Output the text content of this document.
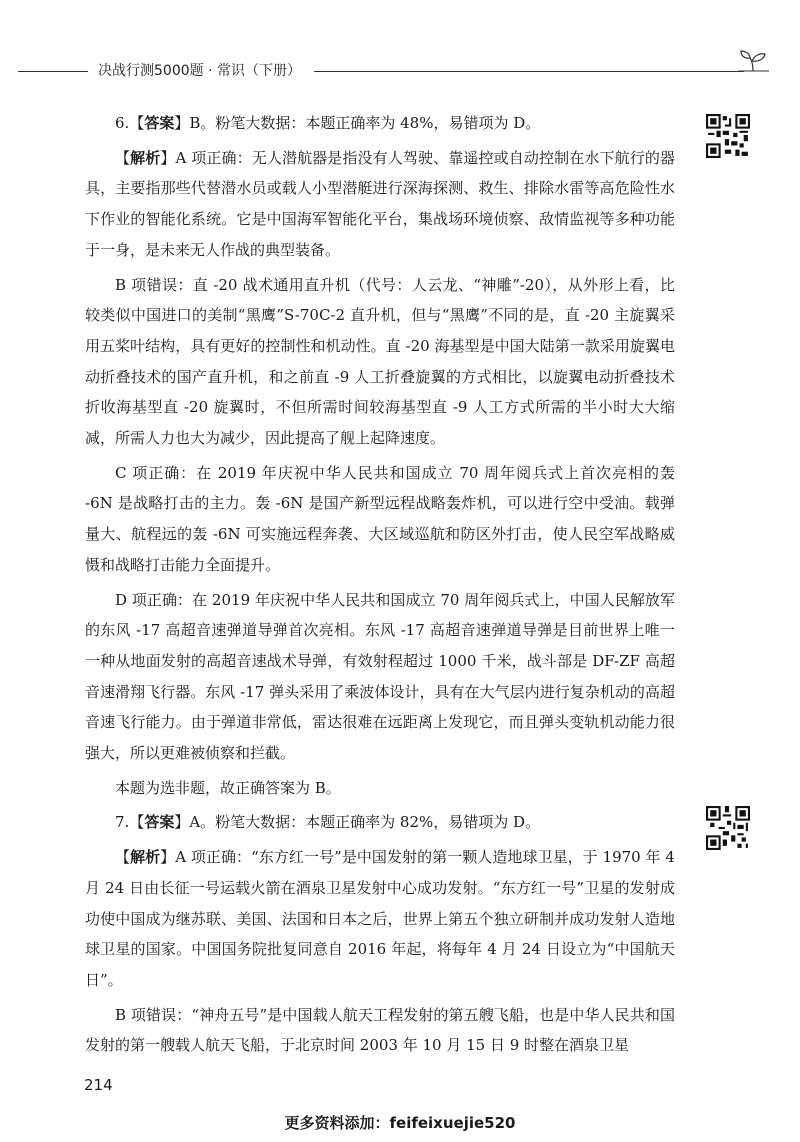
决战行测5000题 · 常识（下册）

6.【答案】B。粉笔大数据：本题正确率为 48%，易错项为 D。

【解析】A 项正确：无人潜航器是指没有人驾驶、靠遥控或自动控制在水下航行的器具，主要指那些代替潜水员或载人小型潜艇进行深海探测、救生、排除水雷等高危险性水下作业的智能化系统。它是中国海军智能化平台，集战场环境侦察、敌情监视等多种功能于一身，是未来无人作战的典型装备。

B 项错误：直 -20 战术通用直升机（代号：人云龙、“神雕”-20），从外形上看，比较类似中国进口的美制“黑鹰”S-70C-2 直升机，但与“黑鹰”不同的是，直 -20 主旋翼采用五桨叶结构，具有更好的控制性和机动性。直 -20 海基型是中国大陆第一款采用旋翼电动折叠技术的国产直升机，和之前直 -9 人工折叠旋翼的方式相比，以旋翼电动折叠技术折收海基型直 -20 旋翼时，不但所需时间较海基型直 -9 人工方式所需的半小时大大缩减，所需人力也大为减少，因此提高了舰上起降速度。

C 项正确：在 2019 年庆祝中华人民共和国成立 70 周年阅兵式上首次亮相的轰 -6N 是战略打击的主力。轰 -6N 是国产新型远程战略轰炸机，可以进行空中受油。载弹量大、航程远的轰 -6N 可实施远程奔袭、大区域巡航和防区外打击，使人民空军战略威慑和战略打击能力全面提升。

D 项正确：在 2019 年庆祝中华人民共和国成立 70 周年阅兵式上，中国人民解放军的东风 -17 高超音速弹道导弹首次亮相。东风 -17 高超音速弹道导弹是目前世界上唯一一种从地面发射的高超音速战术导弹，有效射程超过 1000 千米，战斗部是 DF-ZF 高超音速滑翔飞行器。东风 -17 弹头采用了乘波体设计，具有在大气层内进行复杂机动的高超音速飞行能力。由于弹道非常低，雷达很难在远距离上发现它，而且弹头变轨机动能力很强大，所以更难被侦察和拦截。

本题为选非题，故正确答案为 B。

7.【答案】A。粉笔大数据：本题正确率为 82%，易错项为 D。

【解析】A 项正确：“东方红一号”是中国发射的第一颗人造地球卫星，于 1970 年 4 月 24 日由长征一号运载火箭在酒泉卫星发射中心成功发射。“东方红一号”卫星的发射成功使中国成为继苏联、美国、法国和日本之后，世界上第五个独立研制并成功发射人造地球卫星的国家。中国国务院批复同意自 2016 年起，将每年 4 月 24 日设立为“中国航天日”。

B 项错误：“神舟五号”是中国载人航天工程发射的第五艘飞船，也是中华人民共和国发射的第一艘载人航天飞船，于北京时间 2003 年 10 月 15 日 9 时整在酒泉卫星

214
更多资料添加：feifeixuejie520
